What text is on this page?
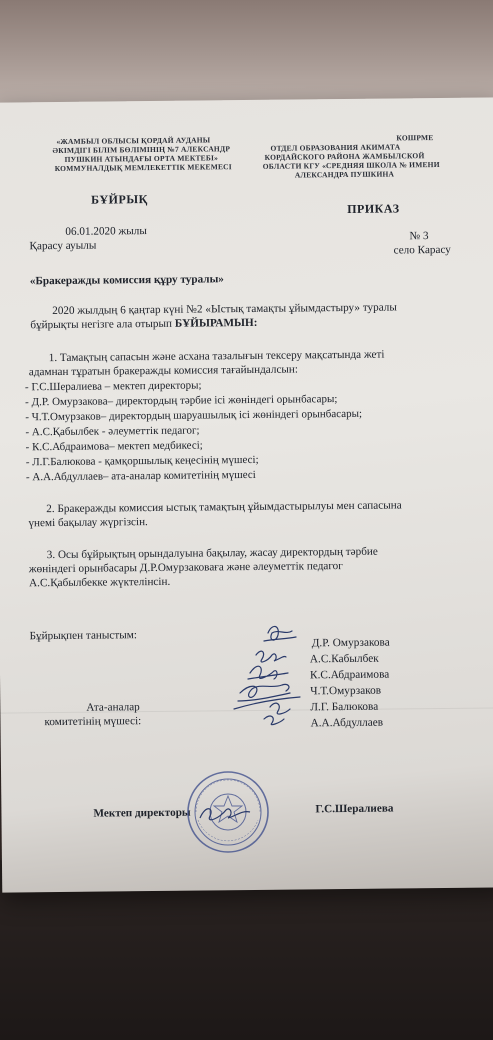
«ЖАМБЫЛ ОБЛЫСЫ ҚОРДАЙ АУДАНЫ
ӘКІМДІГІ БІЛІМ БӨЛІМІНІҢ №7 АЛЕКСАНДР
ПУШКИН АТЫНДАҒЫ ОРТА МЕКТЕБІ»
КОММУНАЛДЫҚ МЕМЛЕКЕТТІК МЕКЕМЕСІ
КОШРМЕ
ОТДЕЛ ОБРАЗОВАНИЯ АКИМАТА
КОРДАЙСКОГО РАЙОНА ЖАМБЫЛСКОЙ
ОБЛАСТИ КГУ «СРЕДНЯЯ ШКОЛА № ИМЕНИ
АЛЕКСАНДРА ПУШКИНА
БҰЙРЫҚ
ПРИКАЗ
06.01.2020 жылы
Қарасу ауылы
№ 3
село Карасу
«Бракеражды комиссия құру туралы»
2020 жылдың 6 қаңтар күні №2 «Ыстық тамақты ұйымдастыру» туралы
бұйрықты негізге ала отырып БҰЙЫРАМЫН:
1. Тамақтың сапасын және асхана тазалығын тексеру мақсатында жеті
адамнан тұратын бракеражды комиссия тағайындалсын:
- Г.С.Шералиева – мектеп директоры;
- Д.Р. Омурзакова– директордың тәрбие ісі жөніндегі орынбасары;
- Ч.Т.Омурзаков– директордың шаруашылық ісі жөніндегі орынбасары;
- А.С.Қабылбек - әлеуметтік педагог;
- К.С.Абдраимова– мектеп медбикесі;
- Л.Г.Балюкова - қамқоршылық кеңесінің мүшесі;
- А.А.Абдуллаев– ата-аналар комитетінің мүшесі
2. Бракеражды комиссия ыстық тамақтың ұйымдастырылуы мен сапасына
үнемі бақылау жүргізсін.
3. Осы бұйрықтың орындалуына бақылау, жасау директордың тәрбие
жөніндегі орынбасары Д.Р.Омурзаковаға және әлеуметтік педагог
А.С.Қабылбекке жүктелінсін.
Бұйрықпен таныстым:
Д.Р. Омурзакова
А.С.Кабылбек
К.С.Абдраимова
Ч.Т.Омурзаков
Л.Г. Балюкова
А.А.Абдуллаев
Ата-аналар
комитетінің мүшесі:
Мектеп директоры	Г.С.Шералиева
